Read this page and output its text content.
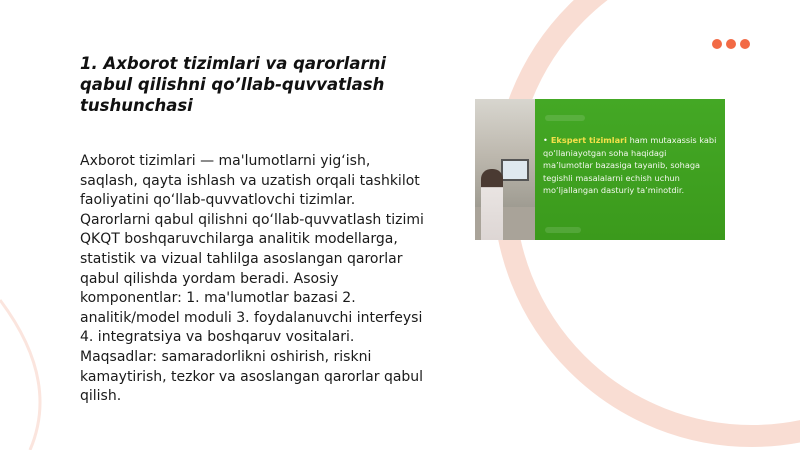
1. Axborot tizimlari va qarorlarni qabul qilishni qo’llab-quvvatlash tushunchasi

Axborot tizimlari — ma'lumotlarni yig‘ish, saqlash, qayta ishlash va uzatish orqali tashkilot faoliyatini qo‘llab-quvvatlovchi tizimlar. Qarorlarni qabul qilishni qo‘llab-quvvatlash tizimi QKQT boshqaruvchilarga analitik modellarga, statistik va vizual tahlilga asoslangan qarorlar qabul qilishda yordam beradi. Asosiy komponentlar: 1. ma'lumotlar bazasi 2. analitik/model moduli 3. foydalanuvchi interfeysi 4. integratsiya va boshqaruv vositalari. Maqsadlar: samaradorlikni oshirish, riskni kamaytirish, tezkor va asoslangan qarorlar qabul qilish.

• Ekspert tizimlari ham mutaxassis kabi qo‘llaniayotgan soha haqidagi ma’lumotlar bazasiga tayanib, sohaga tegishli masalalarni echish uchun mo‘ljallangan dasturiy ta’minotdir.
